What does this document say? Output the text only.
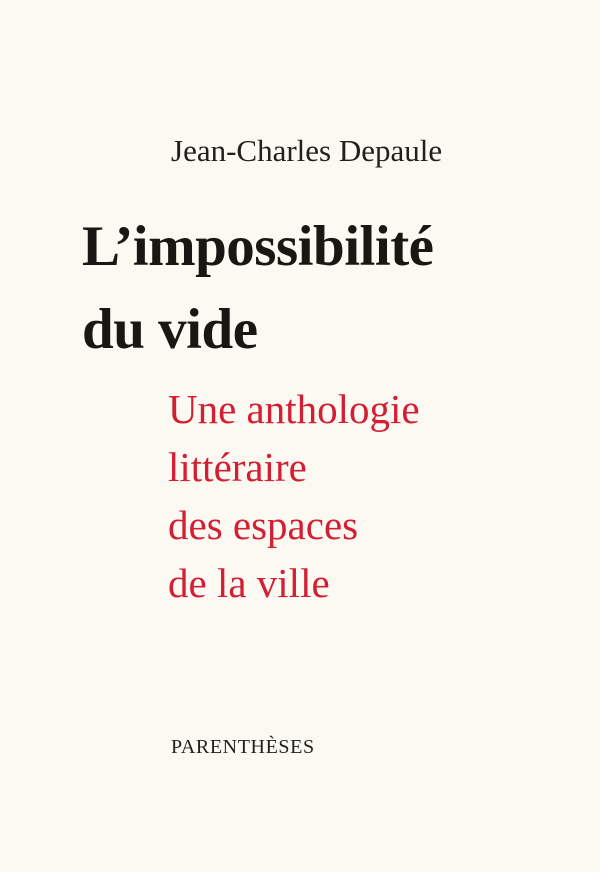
Jean-Charles Depaule
L’impossibilité
du vide
Une anthologie
littéraire
des espaces
de la ville
PARENTHÈSES
